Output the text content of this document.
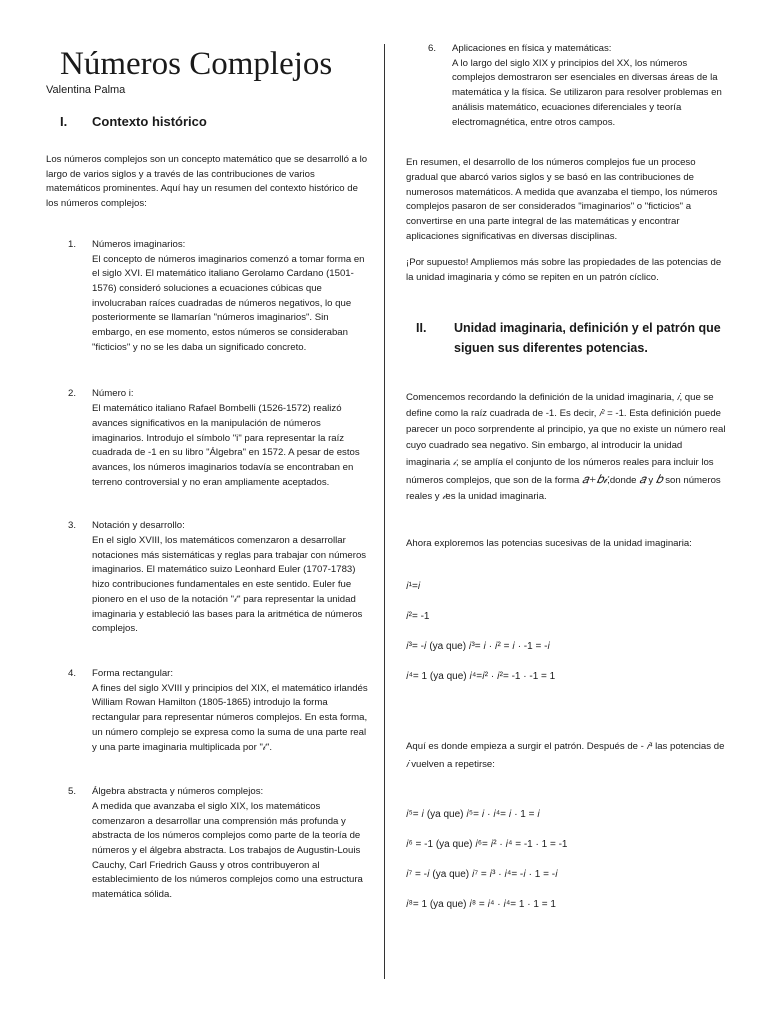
Números Complejos
Valentina Palma
I.	Contexto histórico

Los números complejos son un concepto matemático que se desarrolló a lo largo de varios siglos y a través de las contribuciones de varios matemáticos prominentes. Aquí hay un resumen del contexto histórico de los números complejos:

1.	Números imaginarios:
El concepto de números imaginarios comenzó a tomar forma en el siglo XVI. El matemático italiano Gerolamo Cardano (1501-1576) consideró soluciones a ecuaciones cúbicas que involucraban raíces cuadradas de números negativos, lo que posteriormente se llamarían "números imaginarios". Sin embargo, en ese momento, estos números se consideraban "ficticios" y no se les daba un significado concreto.
2.	Número i:
El matemático italiano Rafael Bombelli (1526-1572) realizó avances significativos en la manipulación de números imaginarios. Introdujo el símbolo "i" para representar la raíz cuadrada de -1 en su libro "Álgebra" en 1572. A pesar de estos avances, los números imaginarios todavía se encontraban en terreno controversial y no eran ampliamente aceptados.
3.	Notación y desarrollo:
En el siglo XVIII, los matemáticos comenzaron a desarrollar notaciones más sistemáticas y reglas para trabajar con números imaginarios. El matemático suizo Leonhard Euler (1707-1783) hizo contribuciones fundamentales en este sentido. Euler fue pionero en el uso de la notación "𝒾" para representar la unidad imaginaria y estableció las bases para la aritmética de números complejos.
4.	Forma rectangular:
A fines del siglo XVIII y principios del XIX, el matemático irlandés William Rowan Hamilton (1805-1865) introdujo la forma rectangular para representar números complejos. En esta forma, un número complejo se expresa como la suma de una parte real y una parte imaginaria multiplicada por "𝒾".
5.	Álgebra abstracta y números complejos:
A medida que avanzaba el siglo XIX, los matemáticos comenzaron a desarrollar una comprensión más profunda y abstracta de los números complejos como parte de la teoría de números y el álgebra abstracta. Los trabajos de Augustin-Louis Cauchy, Carl Friedrich Gauss y otros contribuyeron al establecimiento de los números complejos como una estructura matemática sólida.
6.	Aplicaciones en física y matemáticas:
A lo largo del siglo XIX y principios del XX, los números complejos demostraron ser esenciales en diversas áreas de la matemática y la física. Se utilizaron para resolver problemas en análisis matemático, ecuaciones diferenciales y teoría electromagnética, entre otros campos.

En resumen, el desarrollo de los números complejos fue un proceso gradual que abarcó varios siglos y se basó en las contribuciones de numerosos matemáticos. A medida que avanzaba el tiempo, los números complejos pasaron de ser considerados "imaginarios" o "ficticios" a convertirse en una parte integral de las matemáticas y encontrar aplicaciones significativas en diversas disciplinas.

¡Por supuesto! Ampliemos más sobre las propiedades de las potencias de la unidad imaginaria y cómo se repiten en un patrón cíclico.

II.	Unidad imaginaria, definición y el patrón que siguen sus diferentes potencias.

Comencemos recordando la definición de la unidad imaginaria, 𝑖, que se define como la raíz cuadrada de -1. Es decir, 𝑖² = -1. Esta definición puede parecer un poco sorprendente al principio, ya que no existe un número real cuyo cuadrado sea negativo. Sin embargo, al introducir la unidad imaginaria 𝒾, se amplía el conjunto de los números reales para incluir los números complejos, que son de la forma 𝑎+𝑏𝒾,donde 𝑎 y 𝑏 son números reales y 𝒾es la unidad imaginaria.

Ahora exploremos las potencias sucesivas de la unidad imaginaria:

𝑖¹=𝑖
𝑖²= -1
𝑖³= -𝑖 (ya que) 𝑖³= 𝑖 · 𝑖² = 𝑖 · -1 = -𝑖
𝑖⁴= 1 (ya que) 𝑖⁴=𝑖² · 𝑖²= -1 · -1 = 1

Aquí es donde empieza a surgir el patrón. Después de - 𝑖⁴ las potencias de 𝑖 vuelven a repetirse:

𝑖⁵= 𝑖 (ya que) 𝑖⁵= 𝑖 · 𝑖⁴= 𝑖 · 1 = 𝑖
𝑖⁶ = -1 (ya que) 𝑖⁶= 𝑖² · 𝑖⁴ = -1 · 1 = -1
𝑖⁷ = -𝑖 (ya que) 𝑖⁷ = 𝑖³ · 𝑖⁴= -𝑖 · 1 = -𝑖
𝑖⁸= 1 (ya que) 𝑖⁸ = 𝑖⁴ · 𝑖⁴= 1 · 1 = 1
